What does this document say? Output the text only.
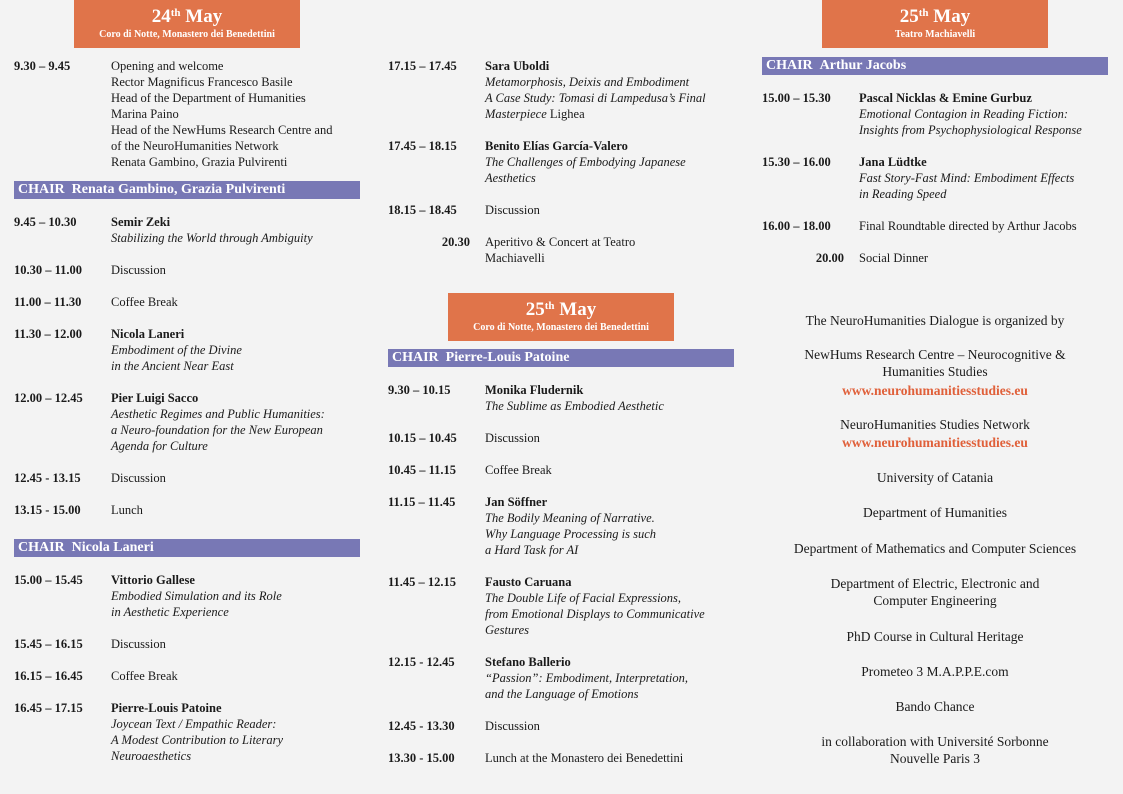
24th May
Coro di Notte, Monastero dei Benedettini
9.30 – 9.45	Opening and welcome
Rector Magnificus Francesco Basile
Head of the Department of Humanities
Marina Paino
Head of the NewHums Research Centre and
of the NeuroHumanities Network
Renata Gambino, Grazia Pulvirenti
CHAIR Renata Gambino, Grazia Pulvirenti
9.45 – 10.30	Semir Zeki
Stabilizing the World through Ambiguity
10.30 – 11.00	Discussion
11.00 – 11.30	Coffee Break
11.30 – 12.00	Nicola Laneri
Embodiment of the Divine
in the Ancient Near East
12.00 – 12.45	Pier Luigi Sacco
Aesthetic Regimes and Public Humanities:
a Neuro-foundation for the New European
Agenda for Culture
12.45 - 13.15	Discussion
13.15 - 15.00	Lunch
CHAIR Nicola Laneri
15.00 – 15.45	Vittorio Gallese
Embodied Simulation and its Role
in Aesthetic Experience
15.45 – 16.15	Discussion
16.15 – 16.45	Coffee Break
16.45 – 17.15	Pierre-Louis Patoine
Joycean Text / Empathic Reader:
A Modest Contribution to Literary
Neuroaesthetics
17.15 – 17.45	Sara Uboldi
Metamorphosis, Deixis and Embodiment
A Case Study: Tomasi di Lampedusa’s Final
Masterpiece Lighea
17.45 – 18.15	Benito Elías García-Valero
The Challenges of Embodying Japanese
Aesthetics
18.15 – 18.45	Discussion
20.30 Aperitivo & Concert at Teatro
Machiavelli
25th May
Coro di Notte, Monastero dei Benedettini
CHAIR Pierre-Louis Patoine
9.30 – 10.15	Monika Fludernik
The Sublime as Embodied Aesthetic
10.15 – 10.45	Discussion
10.45 – 11.15	Coffee Break
11.15 – 11.45	Jan Söffner
The Bodily Meaning of Narrative.
Why Language Processing is such
a Hard Task for AI
11.45 – 12.15	Fausto Caruana
The Double Life of Facial Expressions,
from Emotional Displays to Communicative
Gestures
12.15 - 12.45	Stefano Ballerio
“Passion”: Embodiment, Interpretation,
and the Language of Emotions
12.45 - 13.30	Discussion
13.30 - 15.00	Lunch at the Monastero dei Benedettini
25th May
Teatro Machiavelli
CHAIR Arthur Jacobs
15.00 – 15.30	Pascal Nicklas & Emine Gurbuz
Emotional Contagion in Reading Fiction:
Insights from Psychophysiological Response
15.30 – 16.00	Jana Lüdtke
Fast Story-Fast Mind: Embodiment Effects
in Reading Speed
16.00 – 18.00	Final Roundtable directed by Arthur Jacobs
20.00 Social Dinner
The NeuroHumanities Dialogue is organized by
NewHums Research Centre – Neurocognitive &
Humanities Studies
www.neurohumanitiesstudies.eu
NeuroHumanities Studies Network
www.neurohumanitiesstudies.eu
University of Catania
Department of Humanities
Department of Mathematics and Computer Sciences
Department of Electric, Electronic and
Computer Engineering
PhD Course in Cultural Heritage
Prometeo 3 M.A.P.P.E.com
Bando Chance
in collaboration with Université Sorbonne
Nouvelle Paris 3
